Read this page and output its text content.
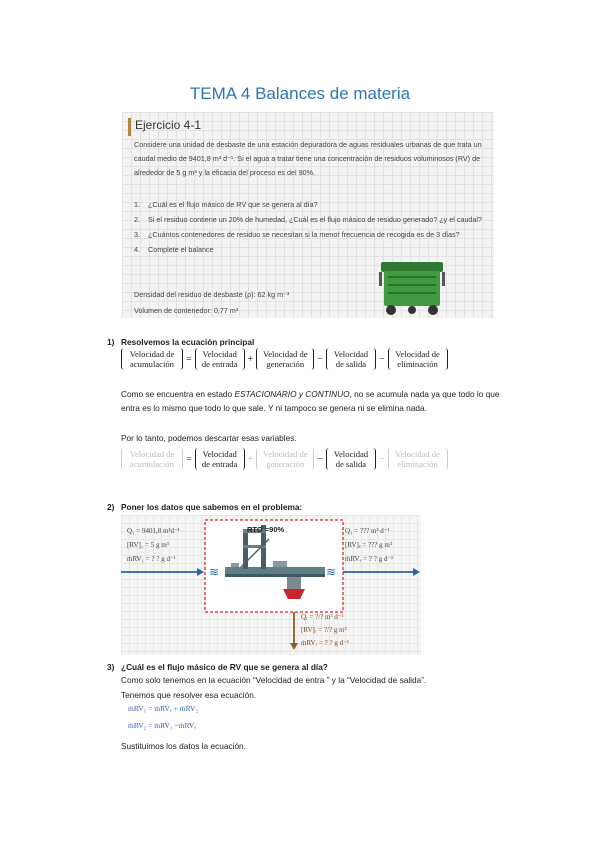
TEMA 4 Balances de materia
Ejercicio 4-1
Considere una unidad de desbaste de una estación depuradora de aguas residuales urbanas de que trata un caudal medio de 9401,8 m³ d⁻¹. Si el agua a tratar tiene una concentración de residuos voluminosos (RV) de alrededor de 5 g m³ y la eficacia del proceso es del 90%.
1.	¿Cuál es el flujo másico de RV que se genera al día?
2.	Si el residuo contiene un 20% de humedad, ¿Cuál es el flujo másico de residuo generado? ¿y el caudal?
3.	¿Cuántos contenedores de residuo se necesitan si la menor frecuencia de recogida es de 3 días?
4.	Complete el balance
Densidad del residuo de desbaste (ρ): 62 kg m⁻³
Volumen de contenedor: 0,77 m³
1) Resolvemos la ecuación principal
Velocidad de acumulación	=	Velocidad de entrada	+	Velocidad de generación	−	Velocidad de salida	−	Velocidad de eliminación
Como se encuentra en estado ESTACIONARIO y CONTINUO, no se acumula nada ya que todo lo que entra es lo mismo que todo lo que sale. Y ni tampoco se genera ni se elimina nada.
Por lo tanto, podemos descartar esas variables.
Velocidad de acumulación	=	Velocidad de entrada	+	Velocidad de generación	−	Velocidad de salida	−	Velocidad de eliminación
2) Poner los datos que sabemos en el problema:
≋	≋
RTO =90%
Q₁ = 9401,8 m³d⁻¹
[RV]₁ = 5 g m³
ṁRV₁ = ? ? g d⁻¹
Q₁ = ??? m³ d⁻¹
[RV]ₑ = ??? g m³
ṁRVₑ = ? ? g d⁻¹
Qᵣ = ?/? m³ d⁻¹
[RV]ᵣ = ?/? g m³
ṁRVᵣ = ? ? g d⁻¹
3) ¿Cuál es el flujo másico de RV que se genera al día?
Como solo tenemos en la ecuación “Velocidad de entra ” y la “Velocidad de salida”.
Tenemos que resolver esa ecuación.
ṁRV₁ = ṁRVₑ + ṁRV₂
ṁRV₂ = ṁRV₁ −ṁRVₑ
Sustituimos los datos la ecuación.
